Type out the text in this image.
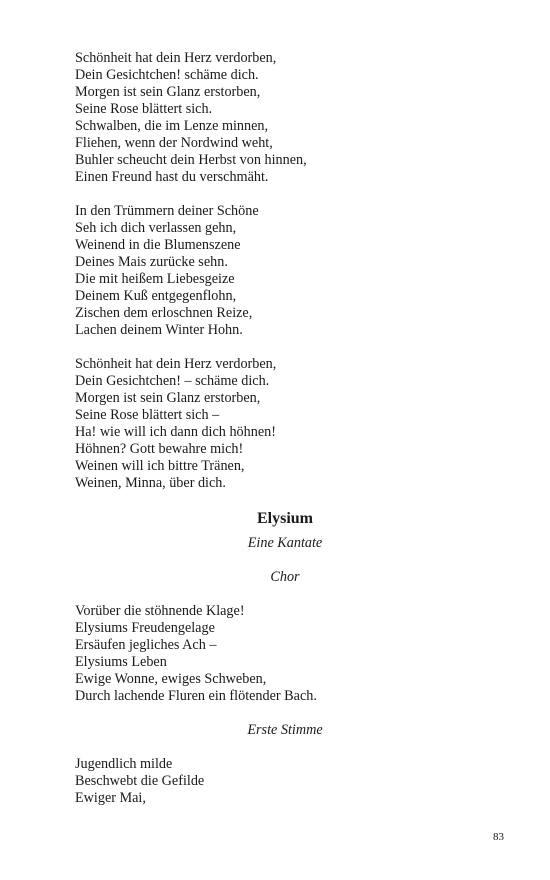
Schönheit hat dein Herz verdorben,
Dein Gesichtchen! schäme dich.
Morgen ist sein Glanz erstorben,
Seine Rose blättert sich.
Schwalben, die im Lenze minnen,
Fliehen, wenn der Nordwind weht,
Buhler scheucht dein Herbst von hinnen,
Einen Freund hast du verschmäht.
In den Trümmern deiner Schöne
Seh ich dich verlassen gehn,
Weinend in die Blumenszene
Deines Mais zurücke sehn.
Die mit heißem Liebesgeize
Deinem Kuß entgegenflohn,
Zischen dem erloschnen Reize,
Lachen deinem Winter Hohn.
Schönheit hat dein Herz verdorben,
Dein Gesichtchen! – schäme dich.
Morgen ist sein Glanz erstorben,
Seine Rose blättert sich –
Ha! wie will ich dann dich höhnen!
Höhnen? Gott bewahre mich!
Weinen will ich bittre Tränen,
Weinen, Minna, über dich.
Elysium
Eine Kantate
Chor
Vorüber die stöhnende Klage!
Elysiums Freudengelage
Ersäufen jegliches Ach –
Elysiums Leben
Ewige Wonne, ewiges Schweben,
Durch lachende Fluren ein flötender Bach.
Erste Stimme
Jugendlich milde
Beschwebt die Gefilde
Ewiger Mai,
83
